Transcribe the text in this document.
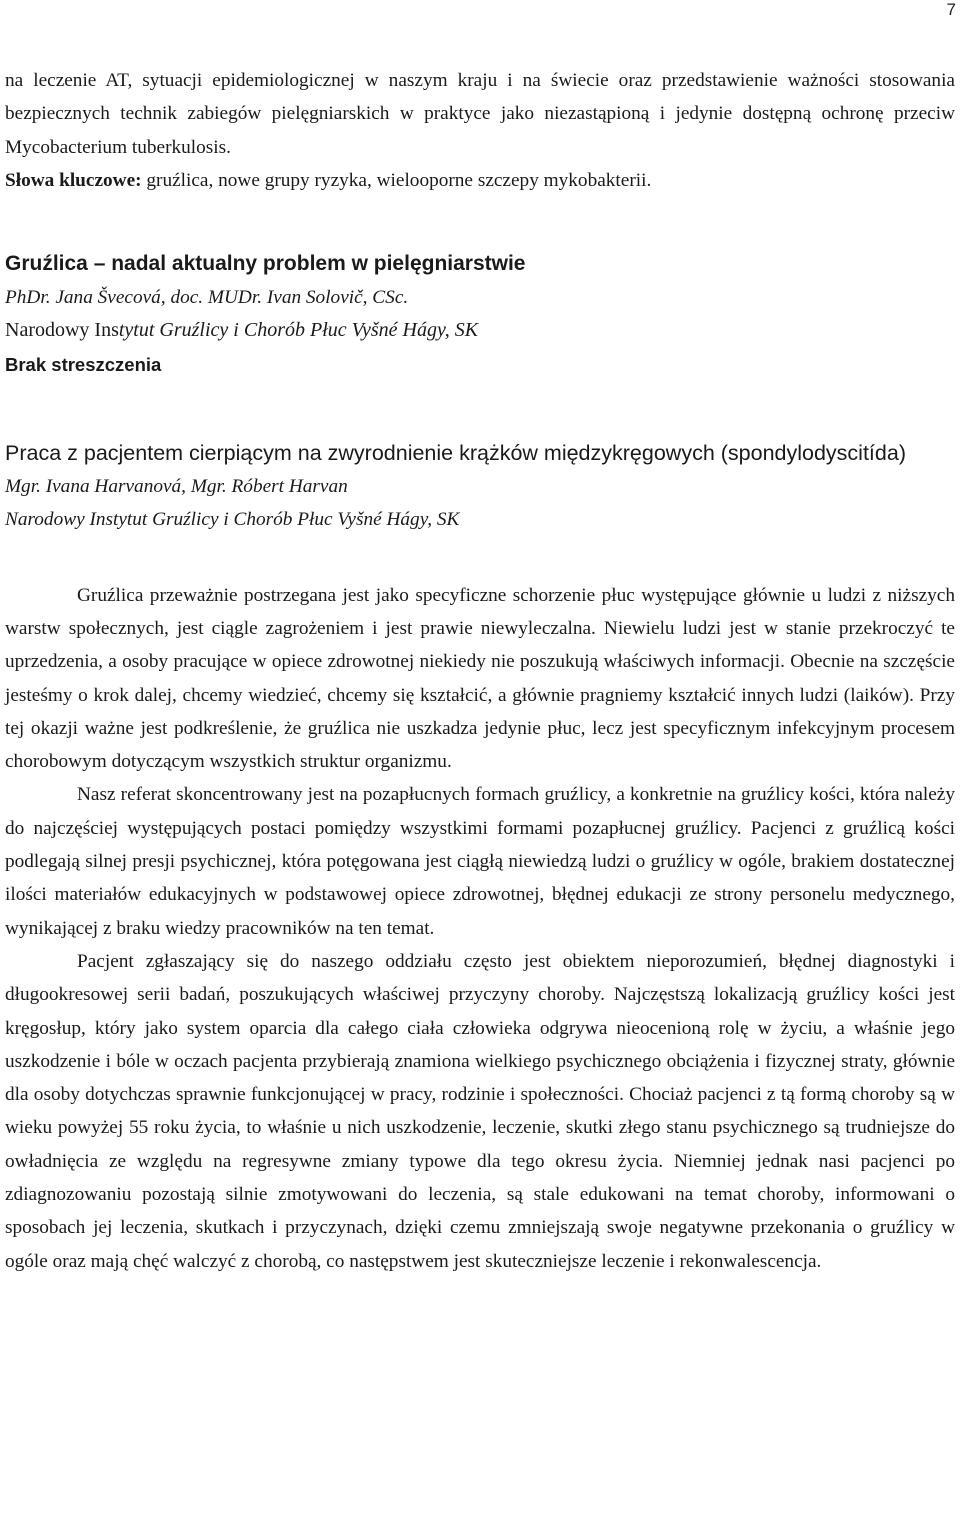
7

na leczenie AT, sytuacji epidemiologicznej w naszym kraju i na świecie oraz przedstawienie ważności stosowania bezpiecznych technik zabiegów pielęgniarskich w praktyce jako niezastąpioną i jedynie dostępną ochronę przeciw Mycobacterium tuberkulosis.
Słowa kluczowe: gruźlica, nowe grupy ryzyka, wielooporne szczepy mykobakterii.

Gruźlica – nadal aktualny problem w pielęgniarstwie
PhDr. Jana Švecová, doc. MUDr. Ivan Solovič, CSc.
Narodowy Instytut Gruźlicy i Chorób Płuc Vyšné Hágy, SK
Brak streszczenia
Praca z pacjentem cierpiącym na zwyrodnienie krążków międzykręgowych (spondylodyscitída)
Mgr. Ivana Harvanová, Mgr. Róbert Harvan
Narodowy Instytut Gruźlicy i Chorób Płuc Vyšné Hágy, SK

Gruźlica przeważnie postrzegana jest jako specyficzne schorzenie płuc występujące głównie u ludzi z niższych warstw społecznych, jest ciągle zagrożeniem i jest prawie niewyleczalna. Niewielu ludzi jest w stanie przekroczyć te uprzedzenia, a osoby pracujące w opiece zdrowotnej niekiedy nie poszukują właściwych informacji. Obecnie na szczęście jesteśmy o krok dalej, chcemy wiedzieć, chcemy się kształcić, a głównie pragniemy kształcić innych ludzi (laików). Przy tej okazji ważne jest podkreślenie, że gruźlica nie uszkadza jedynie płuc, lecz jest specyficznym infekcyjnym procesem chorobowym dotyczącym wszystkich struktur organizmu.

Nasz referat skoncentrowany jest na pozapłucnych formach gruźlicy, a konkretnie na gruźlicy kości, która należy do najczęściej występujących postaci pomiędzy wszystkimi formami pozapłucnej gruźlicy. Pacjenci z gruźlicą kości podlegają silnej presji psychicznej, która potęgowana jest ciągłą niewiedzą ludzi o gruźlicy w ogóle, brakiem dostatecznej ilości materiałów edukacyjnych w podstawowej opiece zdrowotnej, błędnej edukacji ze strony personelu medycznego, wynikającej z braku wiedzy pracowników na ten temat.

Pacjent zgłaszający się do naszego oddziału często jest obiektem nieporozumień, błędnej diagnostyki i długookresowej serii badań, poszukujących właściwej przyczyny choroby. Najczęstszą lokalizacją gruźlicy kości jest kręgosłup, który jako system oparcia dla całego ciała człowieka odgrywa nieocenioną rolę w życiu, a właśnie jego uszkodzenie i bóle w oczach pacjenta przybierają znamiona wielkiego psychicznego obciążenia i fizycznej straty, głównie dla osoby dotychczas sprawnie funkcjonującej w pracy, rodzinie i społeczności. Chociaż pacjenci z tą formą choroby są w wieku powyżej 55 roku życia, to właśnie u nich uszkodzenie, leczenie, skutki złego stanu psychicznego są trudniejsze do owładnięcia ze względu na regresywne zmiany typowe dla tego okresu życia. Niemniej jednak nasi pacjenci po zdiagnozowaniu pozostają silnie zmotywowani do leczenia, są stale edukowani na temat choroby, informowani o sposobach jej leczenia, skutkach i przyczynach, dzięki czemu zmniejszają swoje negatywne przekonania o gruźlicy w ogóle oraz mają chęć walczyć z chorobą, co następstwem jest skuteczniejsze leczenie i rekonwalescencja.
